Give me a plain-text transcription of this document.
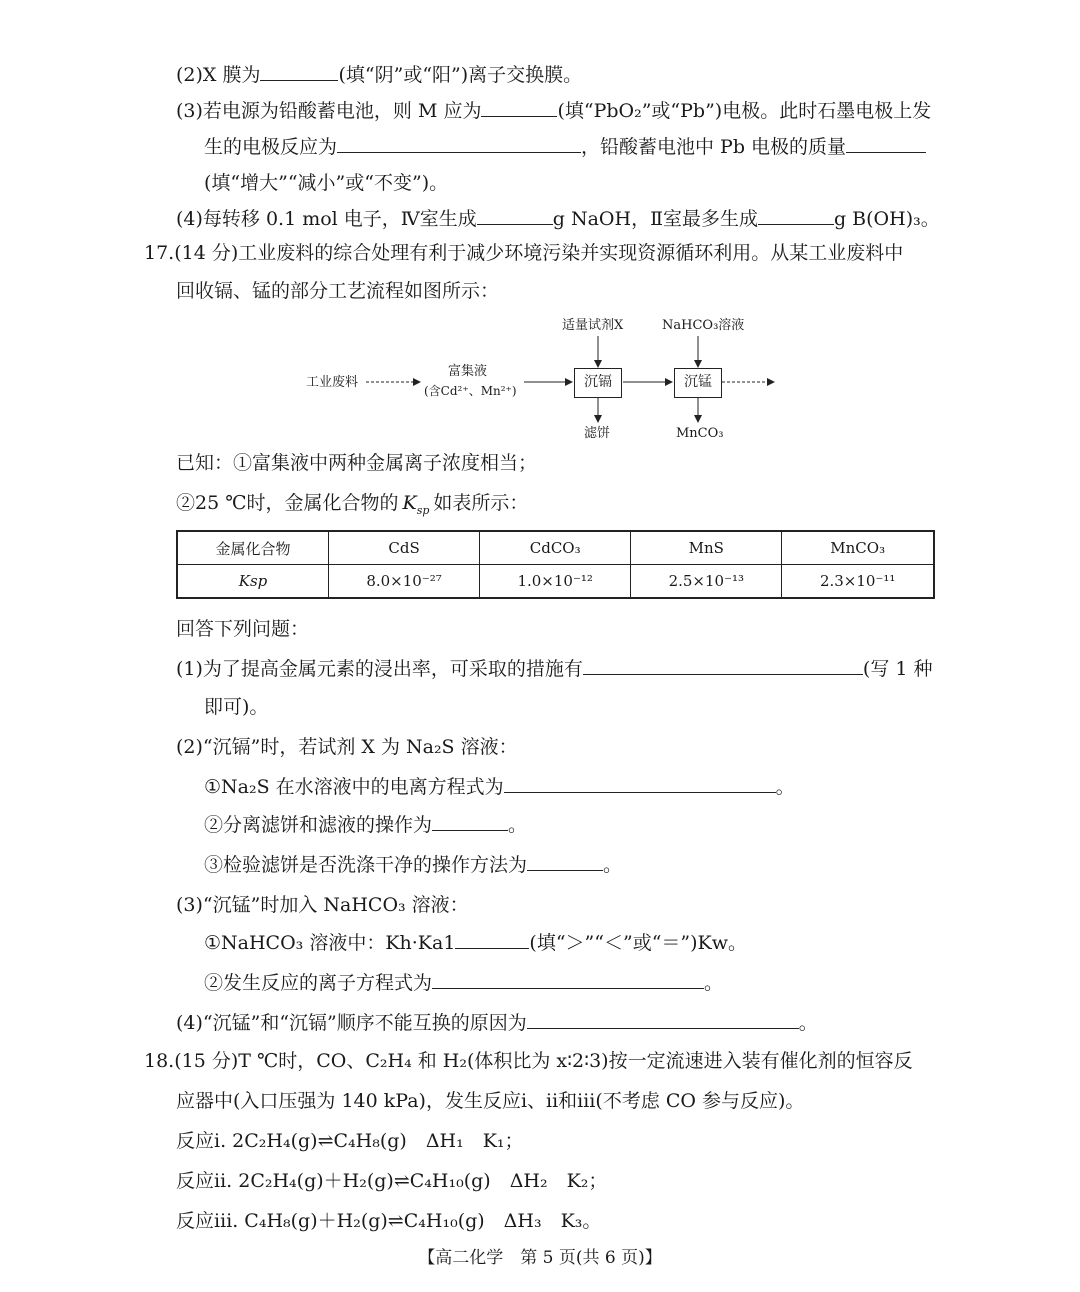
(2)X 膜为	(填“阴”或“阳”)离子交换膜。
(3)若电源为铅酸蓄电池，则 M 应为	(填“PbO₂”或“Pb”)电极。此时石墨电极上发
生的电极反应为	，铅酸蓄电池中 Pb 电极的质量
(填“增大”“减小”或“不变”)。
(4)每转移 0.1 mol 电子，Ⅳ室生成	g NaOH，Ⅱ室最多生成	g B(OH)₃。
17.(14 分)工业废料的综合处理有利于减少环境污染并实现资源循环利用。从某工业废料中
回收镉、锰的部分工艺流程如图所示：
工业废料
富集液
(含Cd²⁺、Mn²⁺)
适量试剂X	NaHCO₃溶液
沉镉	沉锰
滤饼	MnCO₃
已知：①富集液中两种金属离子浓度相当；
②25 ℃时，金属化合物的 $K_{sp}$ 如表所示：
金属化合物	CdS	CdCO₃	MnS	MnCO₃
Ksp	8.0×10⁻²⁷	1.0×10⁻¹²	2.5×10⁻¹³	2.3×10⁻¹¹
回答下列问题：
(1)为了提高金属元素的浸出率，可采取的措施有	(写 1 种
即可)。
(2)“沉镉”时，若试剂 X 为 Na₂S 溶液：
①Na₂S 在水溶液中的电离方程式为	。
②分离滤饼和滤液的操作为	。
③检验滤饼是否洗涤干净的操作方法为	。
(3)“沉锰”时加入 NaHCO₃ 溶液：
①NaHCO₃ 溶液中：Kh·Ka1	(填“＞”“＜”或“＝”)Kw。
②发生反应的离子方程式为	。
(4)“沉锰”和“沉镉”顺序不能互换的原因为	。
18.(15 分)T ℃时，CO、C₂H₄ 和 H₂(体积比为 x∶2∶3)按一定流速进入装有催化剂的恒容反
应器中(入口压强为 140 kPa)，发生反应ⅰ、ⅱ和ⅲ(不考虑 CO 参与反应)。
反应ⅰ. 2C₂H₄(g)⇌C₄H₈(g)　ΔH₁　K₁；
反应ⅱ. 2C₂H₄(g)＋H₂(g)⇌C₄H₁₀(g)　ΔH₂　K₂；
反应ⅲ. C₄H₈(g)＋H₂(g)⇌C₄H₁₀(g)　ΔH₃　K₃。
【高二化学　第 5 页(共 6 页)】
